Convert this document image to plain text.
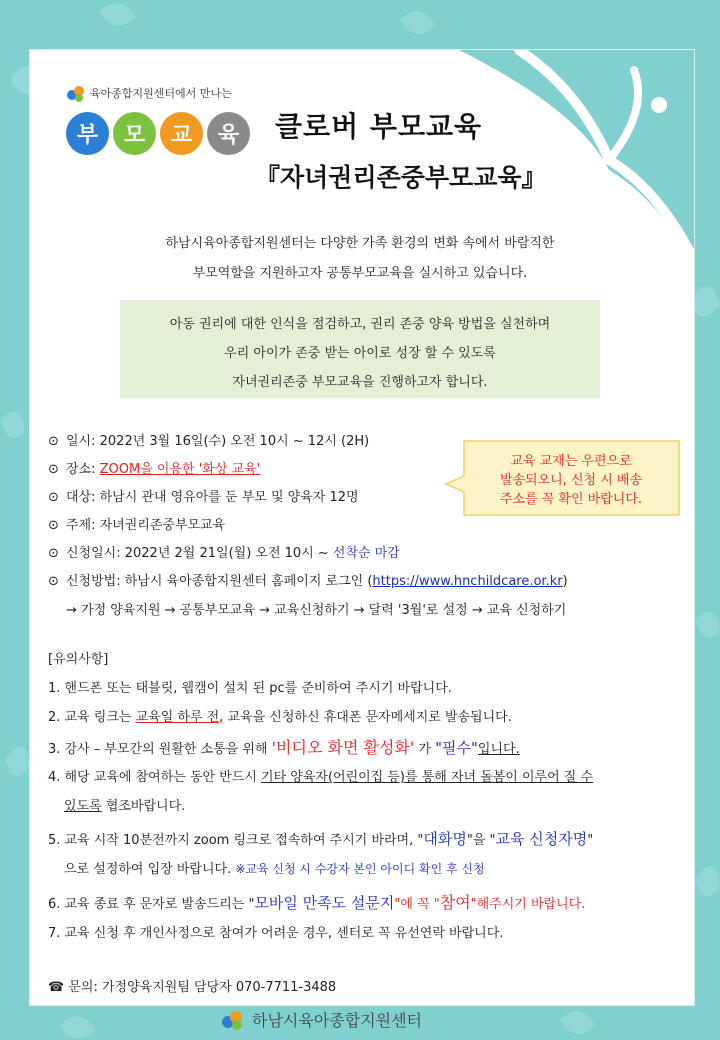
육아종합지원센터에서 만나는
부	모	교	육	클로버 부모교육
『자녀권리존중부모교육』
하남시육아종합지원센터는 다양한 가족 환경의 변화 속에서 바람직한
부모역할을 지원하고자 공통부모교육을 실시하고 있습니다.

아동 권리에 대한 인식을 점검하고, 권리 존중 양육 방법을 실천하며

우리 아이가 존중 받는 아이로 성장 할 수 있도록

자녀권리존중 부모교육을 진행하고자 합니다.

⊙ 일시: 2022년 3월 16일(수) 오전 10시 ~ 12시 (2H)
⊙ 장소: ZOOM을 이용한 '화상 교육'
⊙ 대상: 하남시 관내 영유아를 둔 부모 및 양육자 12명
⊙ 주제: 자녀권리존중부모교육
⊙ 신청일시: 2022년 2월 21일(월) 오전 10시 ~ 선착순 마감
⊙ 신청방법: 하남시 육아종합지원센터 홈페이지 로그인 (https://www.hnchildcare.or.kr)
→ 가정 양육지원 → 공통부모교육 → 교육신청하기 → 달력 '3월'로 설정 → 교육 신청하기
교육 교재는 우편으로
발송되오니, 신청 시 배송
주소를 꼭 확인 바랍니다.
[유의사항]
1. 핸드폰 또는 태블릿, 웹캠이 설치 된 pc를 준비하여 주시기 바랍니다.
2. 교육 링크는 교육일 하루 전, 교육을 신청하신 휴대폰 문자메세지로 발송됩니다.
3. 강사 – 부모간의 원활한 소통을 위해 '비디오 화면 활성화' 가 "필수"입니다.
4. 해당 교육에 참여하는 동안 반드시 기타 양육자(어린이집 등)를 통해 자녀 돌봄이 이루어 질 수
있도록 협조바랍니다.
5. 교육 시작 10분전까지 zoom 링크로 접속하여 주시기 바라며, "대화명"을 "교육 신청자명"
으로 설정하여 입장 바랍니다. ※교육 신청 시 수강자 본인 아이디 확인 후 신청
6. 교육 종료 후 문자로 발송드리는 "모바일 만족도 설문지"에 꼭 "참여"해주시기 바랍니다.
7. 교육 신청 후 개인사정으로 참여가 어려운 경우, 센터로 꼭 유선연락 바랍니다.
☎ 문의: 가정양육지원팀 담당자 070-7711-3488
하남시육아종합지원센터
